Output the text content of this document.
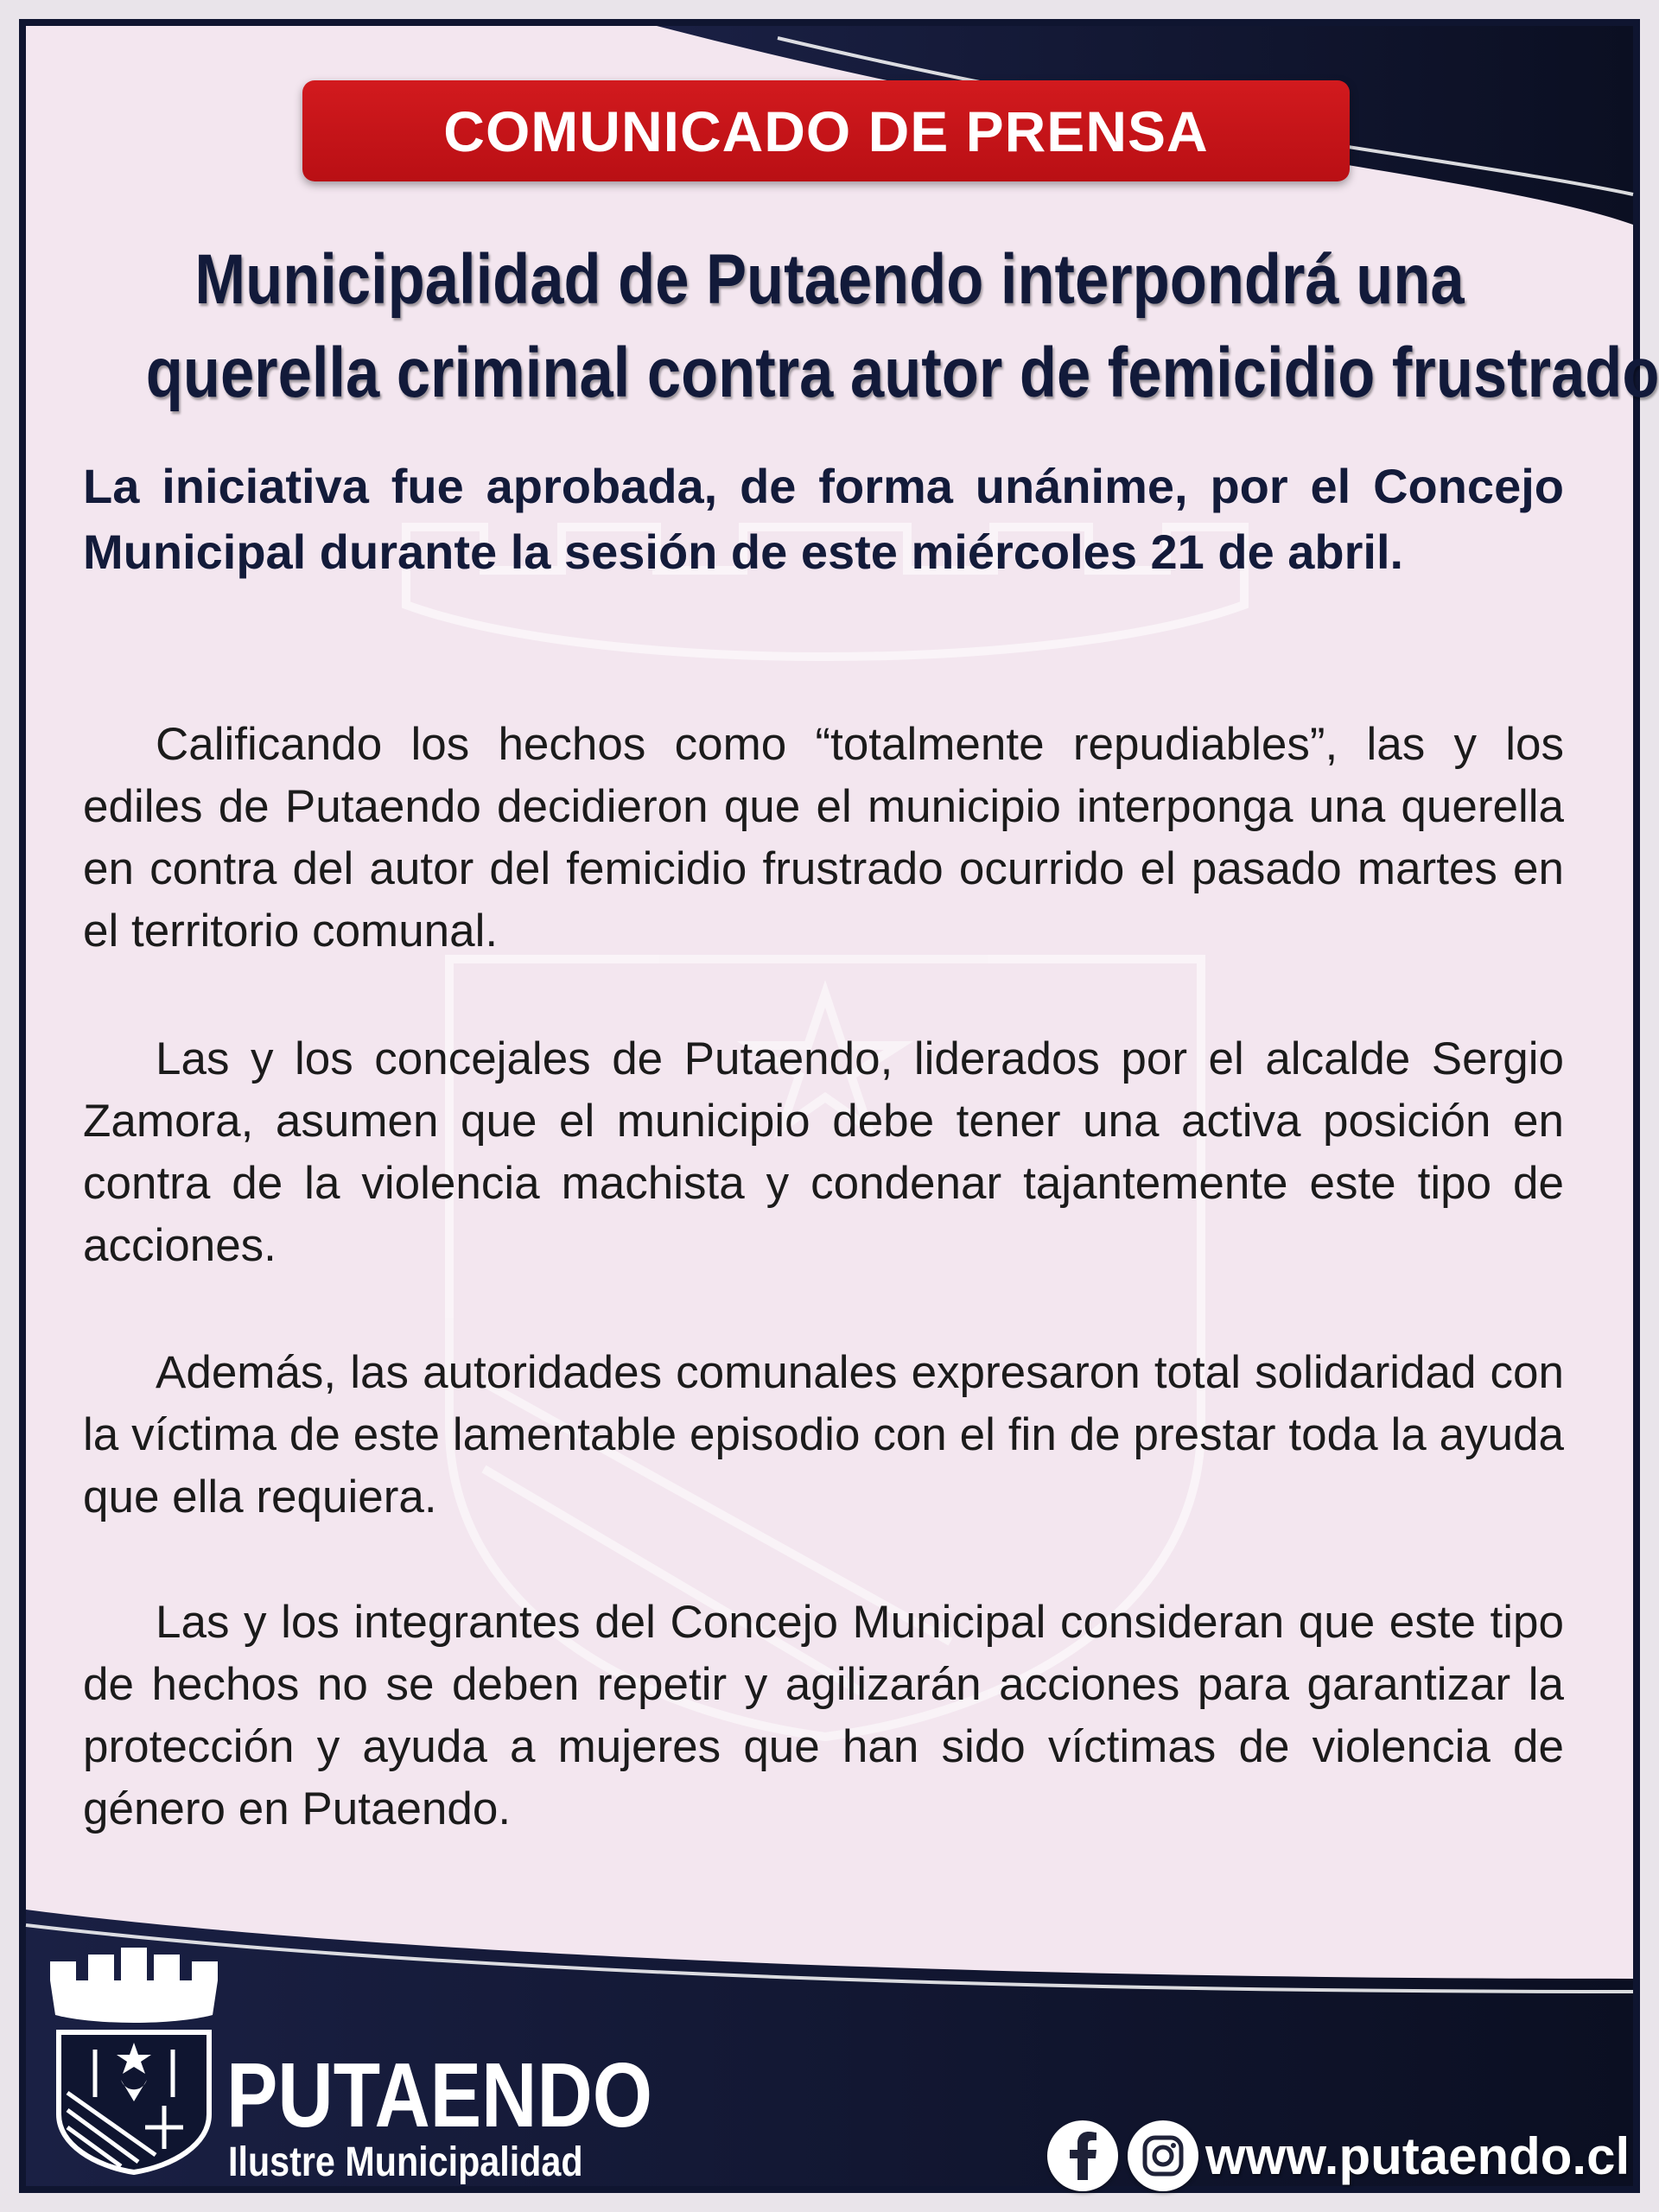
COMUNICADO DE PRENSA
Municipalidad de Putaendo interpondrá una
querella criminal contra autor de femicidio frustrado
La iniciativa fue aprobada, de forma unánime, por el Concejo Municipal durante la sesión de este miércoles 21 de abril.

Calificando los hechos como “totalmente repudiables”, las y los ediles de Putaendo decidieron que el municipio interponga una querella en contra del autor del femicidio frustrado ocurrido el pasado martes en el territorio comunal.

Las y los concejales de Putaendo, liderados por el alcalde Sergio Zamora, asumen que el municipio debe tener una activa posición en contra de la violencia machista y condenar tajantemente este tipo de acciones.

Además, las autoridades comunales expresaron total solidaridad con la víctima de este lamentable episodio con el fin de prestar toda la ayuda que ella requiera.

Las y los integrantes del Concejo Municipal consideran que este tipo de hechos no se deben repetir y agilizarán acciones para garantizar la protección y ayuda a mujeres que han sido víctimas de violencia de género en Putaendo.

PUTAENDO
Ilustre Municipalidad	www.putaendo.cl
